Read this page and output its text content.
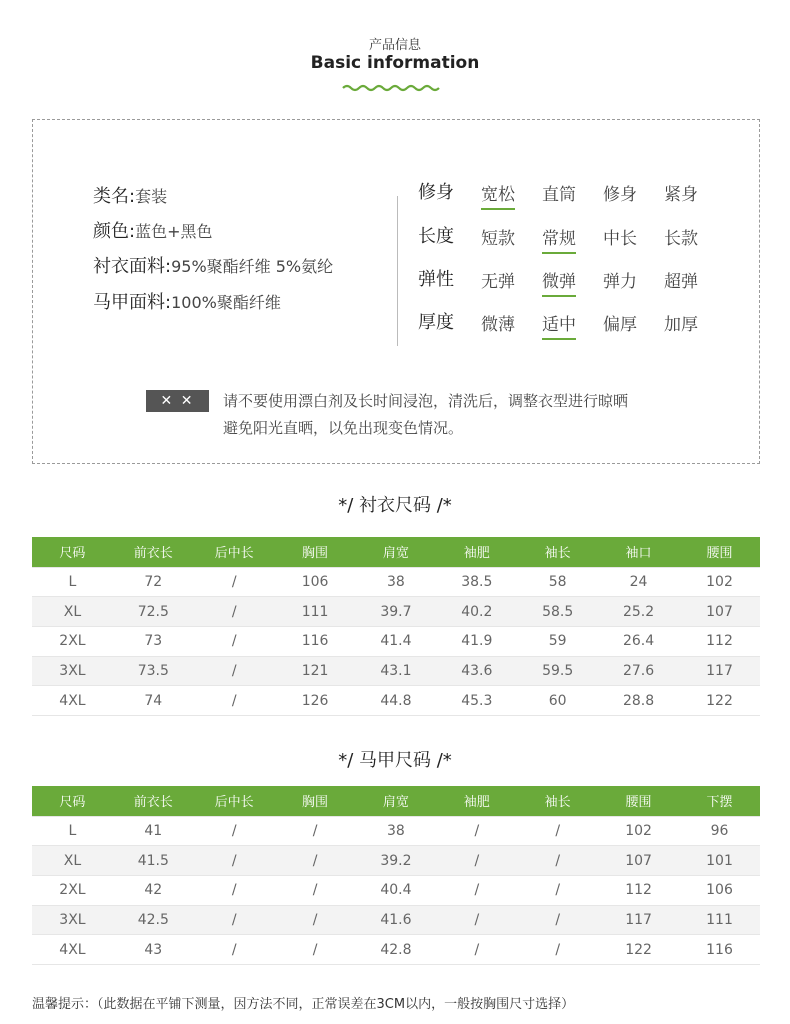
产品信息
Basic information
类名:套装
颜色:蓝色+黑色
衬衣面料:95%聚酯纤维 5%氨纶
马甲面料:100%聚酯纤维
修身 宽松 直筒 修身 紧身
长度 短款 常规 中长 长款
弹性 无弹 微弹 弹力 超弹
厚度 微薄 适中 偏厚 加厚
✕ ✕	请不要使用漂白剂及长时间浸泡，清洗后，调整衣型进行晾晒
避免阳光直晒，以免出现变色情况。
*/ 衬衣尺码 /*
尺码	前衣长	后中长	胸围	肩宽	袖肥	袖长	袖口	腰围
L	72	/	106	38	38.5	58	24	102
XL	72.5	/	111	39.7	40.2	58.5	25.2	107
2XL	73	/	116	41.4	41.9	59	26.4	112
3XL	73.5	/	121	43.1	43.6	59.5	27.6	117
4XL	74	/	126	44.8	45.3	60	28.8	122
*/ 马甲尺码 /*
尺码	前衣长	后中长	胸围	肩宽	袖肥	袖长	腰围	下摆
L	41	/	/	38	/	/	102	96
XL	41.5	/	/	39.2	/	/	107	101
2XL	42	/	/	40.4	/	/	112	106
3XL	42.5	/	/	41.6	/	/	117	111
4XL	43	/	/	42.8	/	/	122	116
温馨提示：（此数据在平铺下测量，因方法不同，正常误差在3CM以内，一般按胸围尺寸选择）
